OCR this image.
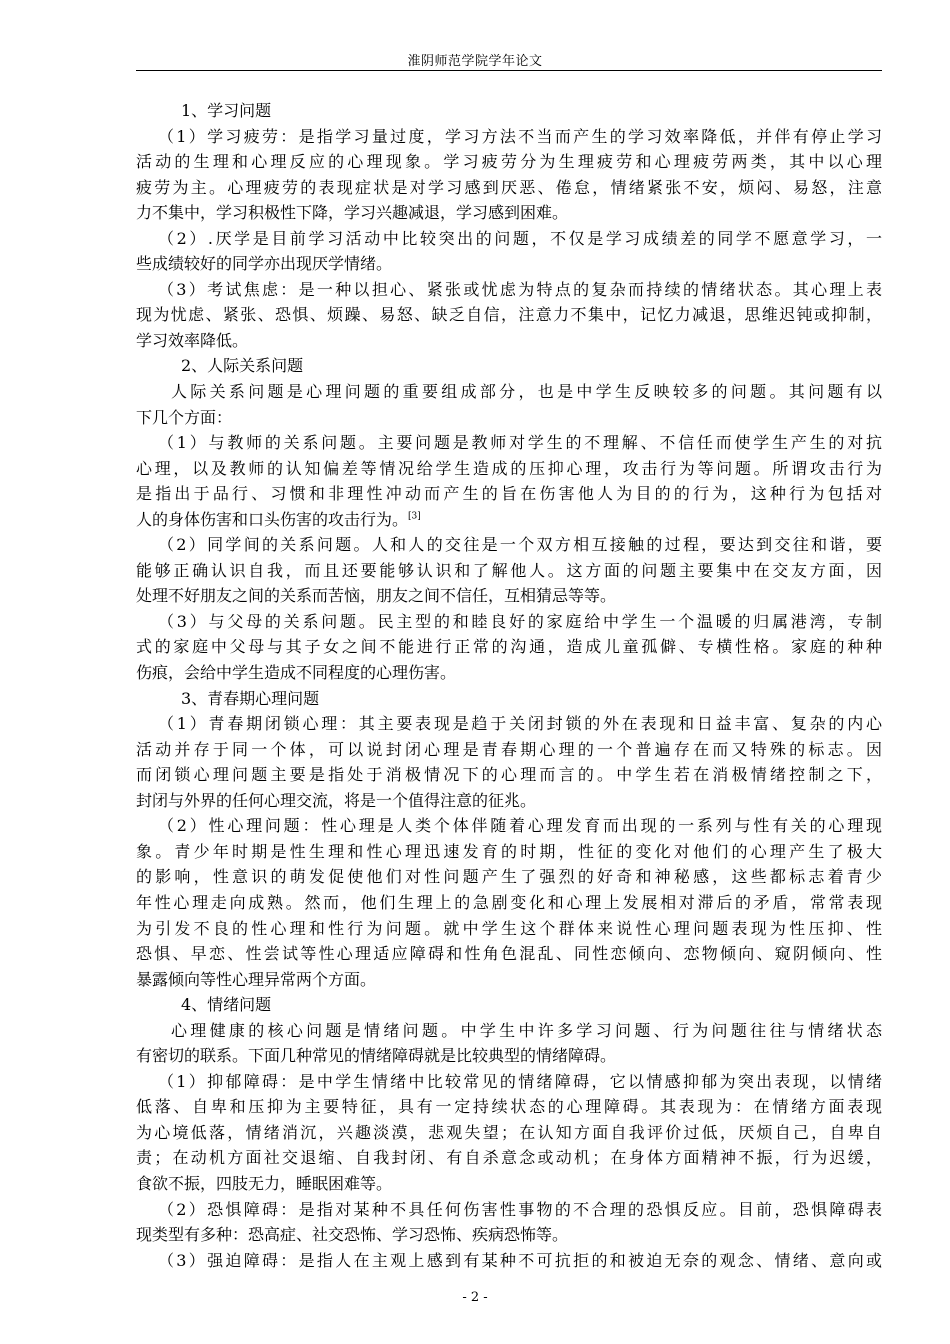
淮阴师范学院学年论文
1、学习问题
（1）学习疲劳：是指学习量过度，学习方法不当而产生的学习效率降低，并伴有停止学习
活动的生理和心理反应的心理现象。学习疲劳分为生理疲劳和心理疲劳两类，其中以心理
疲劳为主。心理疲劳的表现症状是对学习感到厌恶、倦怠，情绪紧张不安，烦闷、易怒，注意
力不集中，学习积极性下降，学习兴趣减退，学习感到困难。
（2）.厌学是目前学习活动中比较突出的问题，不仅是学习成绩差的同学不愿意学习，一
些成绩较好的同学亦出现厌学情绪。
（3）考试焦虑：是一种以担心、紧张或忧虑为特点的复杂而持续的情绪状态。其心理上表
现为忧虑、紧张、恐惧、烦躁、易怒、缺乏自信，注意力不集中，记忆力减退，思维迟钝或抑制，
学习效率降低。
2、人际关系问题
人际关系问题是心理问题的重要组成部分，也是中学生反映较多的问题。其问题有以
下几个方面：
（1）与教师的关系问题。主要问题是教师对学生的不理解、不信任而使学生产生的对抗
心理，以及教师的认知偏差等情况给学生造成的压抑心理，攻击行为等问题。所谓攻击行为
是指出于品行、习惯和非理性冲动而产生的旨在伤害他人为目的的行为，这种行为包括对
人的身体伤害和口头伤害的攻击行为。[3]
（2）同学间的关系问题。人和人的交往是一个双方相互接触的过程，要达到交往和谐，要
能够正确认识自我，而且还要能够认识和了解他人。这方面的问题主要集中在交友方面，因
处理不好朋友之间的关系而苦恼，朋友之间不信任，互相猜忌等等。
（3）与父母的关系问题。民主型的和睦良好的家庭给中学生一个温暖的归属港湾，专制
式的家庭中父母与其子女之间不能进行正常的沟通，造成儿童孤僻、专横性格。家庭的种种
伤痕，会给中学生造成不同程度的心理伤害。
3、青春期心理问题
（1）青春期闭锁心理：其主要表现是趋于关闭封锁的外在表现和日益丰富、复杂的内心
活动并存于同一个体，可以说封闭心理是青春期心理的一个普遍存在而又特殊的标志。因
而闭锁心理问题主要是指处于消极情况下的心理而言的。中学生若在消极情绪控制之下，
封闭与外界的任何心理交流，将是一个值得注意的征兆。
（2）性心理问题：性心理是人类个体伴随着心理发育而出现的一系列与性有关的心理现
象。青少年时期是性生理和性心理迅速发育的时期，性征的变化对他们的心理产生了极大
的影响，性意识的萌发促使他们对性问题产生了强烈的好奇和神秘感，这些都标志着青少
年性心理走向成熟。然而，他们生理上的急剧变化和心理上发展相对滞后的矛盾，常常表现
为引发不良的性心理和性行为问题。就中学生这个群体来说性心理问题表现为性压抑、性
恐惧、早恋、性尝试等性心理适应障碍和性角色混乱、同性恋倾向、恋物倾向、窥阴倾向、性
暴露倾向等性心理异常两个方面。
4、情绪问题
心理健康的核心问题是情绪问题。中学生中许多学习问题、行为问题往往与情绪状态
有密切的联系。下面几种常见的情绪障碍就是比较典型的情绪障碍。
（1）抑郁障碍：是中学生情绪中比较常见的情绪障碍，它以情感抑郁为突出表现，以情绪
低落、自卑和压抑为主要特征，具有一定持续状态的心理障碍。其表现为：在情绪方面表现
为心境低落，情绪消沉，兴趣淡漠，悲观失望；在认知方面自我评价过低，厌烦自己，自卑自
责；在动机方面社交退缩、自我封闭、有自杀意念或动机；在身体方面精神不振，行为迟缓，
食欲不振，四肢无力，睡眠困难等。
（2）恐惧障碍：是指对某种不具任何伤害性事物的不合理的恐惧反应。目前，恐惧障碍表
现类型有多种：恐高症、社交恐怖、学习恐怖、疾病恐怖等。
（3）强迫障碍：是指人在主观上感到有某种不可抗拒的和被迫无奈的观念、情绪、意向或
- 2 -
